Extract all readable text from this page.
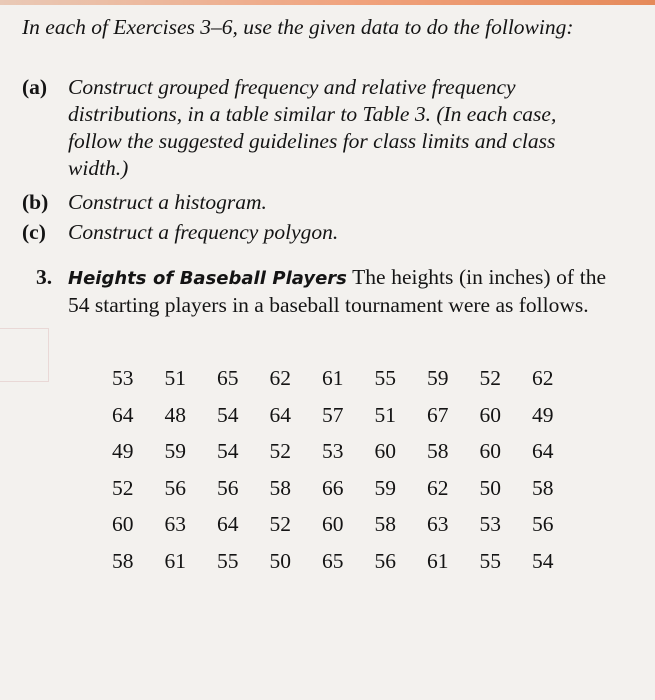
In each of Exercises 3–6, use the given data to do the following:
(a) Construct grouped frequency and relative frequency distributions, in a table similar to Table 3. (In each case, follow the suggested guidelines for class limits and class width.)
(b) Construct a histogram.
(c)	Construct a frequency polygon.
3. Heights of Baseball Players The heights (in inches) of the 54 starting players in a baseball tournament were as follows.
53	51	65	62	61	55	59	52	62
64	48	54	64	57	51	67	60	49
49	59	54	52	53	60	58	60	64
52	56	56	58	66	59	62	50	58
60	63	64	52	60	58	63	53	56
58	61	55	50	65	56	61	55	54
